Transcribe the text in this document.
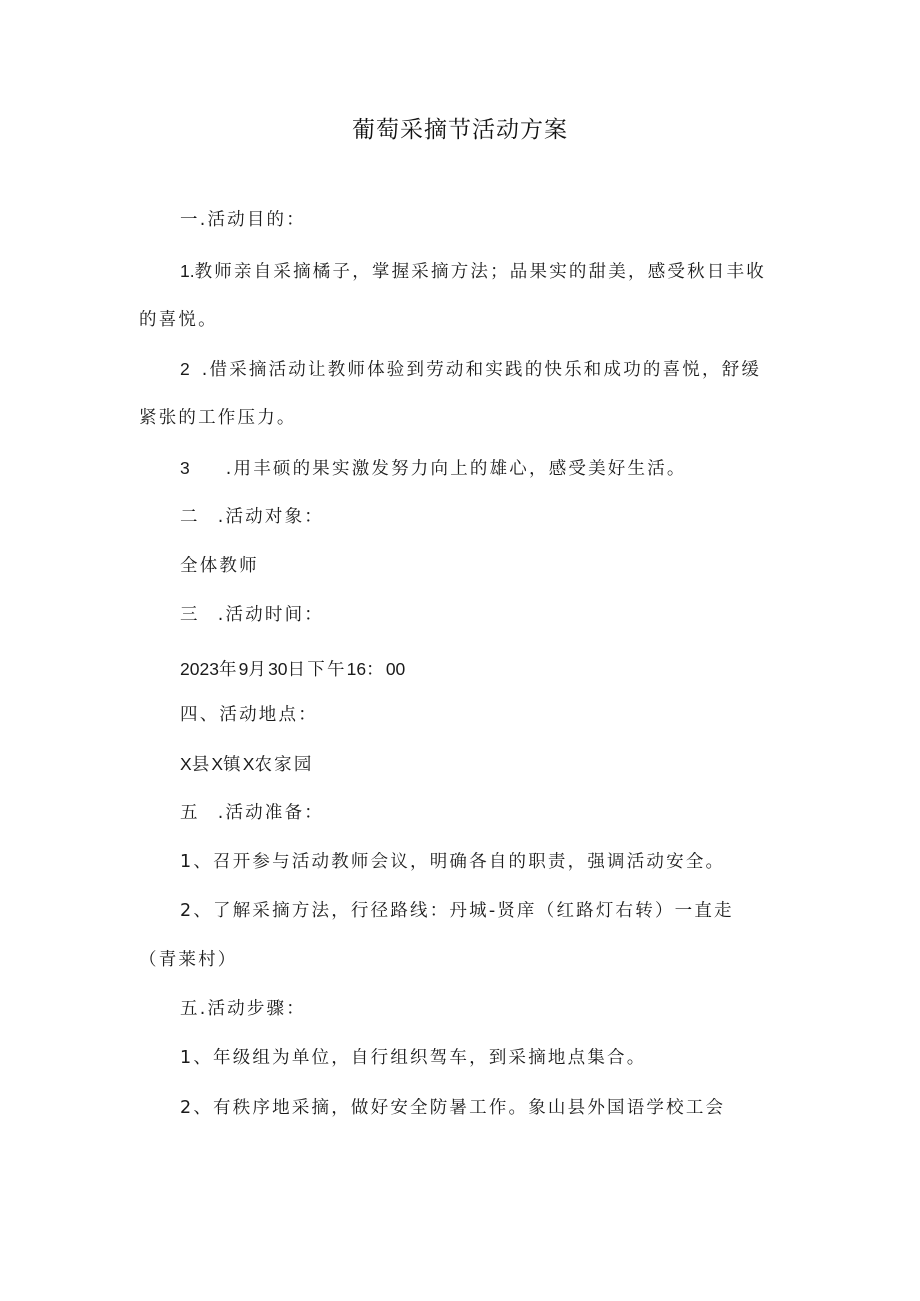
葡萄采摘节活动方案
一.活动目的：
1.教师亲自采摘橘子，掌握采摘方法；品果实的甜美，感受秋日丰收
的喜悦。
2 .借采摘活动让教师体验到劳动和实践的快乐和成功的喜悦，舒缓
紧张的工作压力。
3 .用丰硕的果实激发努力向上的雄心，感受美好生活。
二 .活动对象：
全体教师
三 .活动时间：
2023年9月30日下午16：00
四、活动地点：
X县X镇X农家园
五 .活动准备：
1、召开参与活动教师会议，明确各自的职责，强调活动安全。
2、了解采摘方法，行径路线：丹城-贤庠（红路灯右转）一直走
（青莱村）
五.活动步骤：
1、年级组为单位，自行组织驾车，到采摘地点集合。
2、有秩序地采摘，做好安全防暑工作。象山县外国语学校工会
